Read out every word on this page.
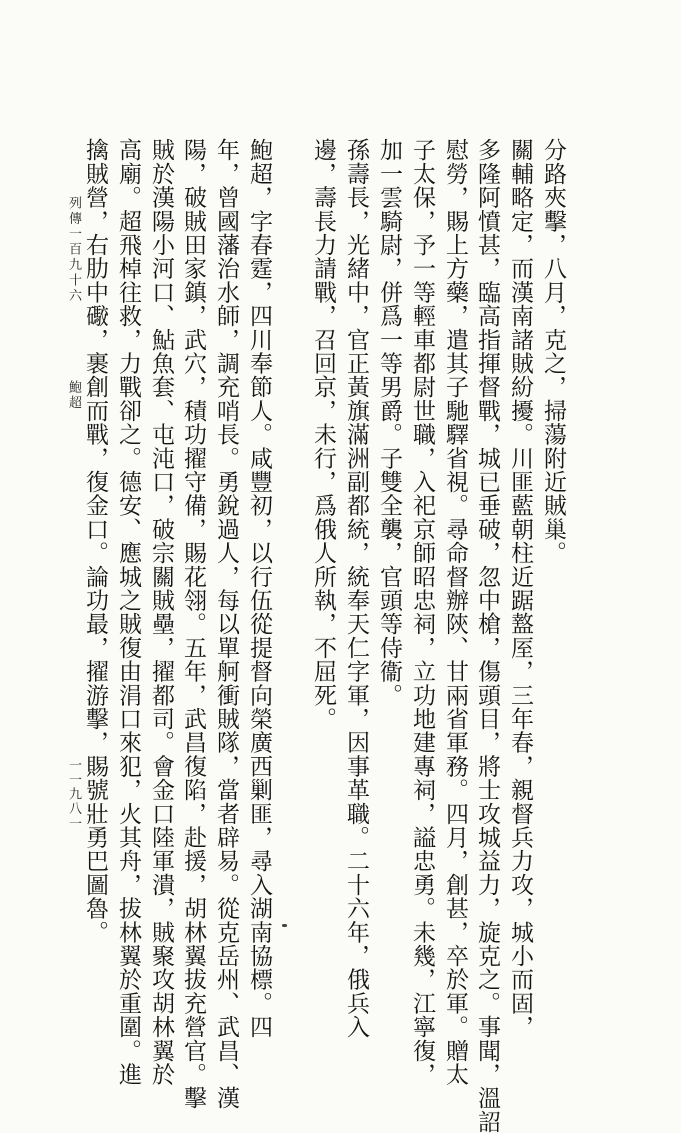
分路夾擊，八月，克之，掃蕩附近賊巢。
關輔略定，而漢南諸賊紛擾。川匪藍朝柱近踞盩厔，三年春，親督兵力攻，城小而固，
多隆阿憤甚，臨高指揮督戰，城已垂破，忽中槍，傷頭目，將士攻城益力，旋克之。事聞，溫詔
慰勞，賜上方藥，遣其子馳驛省視。尋命督辦陝、甘兩省軍務。四月，創甚，卒於軍。贈太
子太保，予一等輕車都尉世職，入祀京師昭忠祠，立功地建專祠，謚忠勇。未幾，江寧復，
加一雲騎尉，併爲一等男爵。子雙全襲，官頭等侍衞。
孫壽長，光緒中，官正黃旗滿洲副都統，統奉天仁字軍，因事革職。二十六年，俄兵入
邊，壽長力請戰，召回京，未行，爲俄人所執，不屈死。
鮑超，字春霆，四川奉節人。咸豐初，以行伍從提督向榮廣西剿匪，尋入湖南協標。四
年，曾國藩治水師，調充哨長。勇銳過人，每以單舸衝賊隊，當者辟易。從克岳州、武昌、漢
陽，破賊田家鎮，武穴，積功擢守備，賜花翎。五年，武昌復陷，赴援，胡林翼拔充營官。擊
賊於漢陽小河口、鮎魚套、屯沌口，破宗關賊壘，擢都司。會金口陸軍潰，賊聚攻胡林翼於
高廟。超飛棹往救，力戰卻之。德安、應城之賊復由涓口來犯，火其舟，拔林翼於重圍。進
擒賊營，右肋中礮，裹創而戰，復金口。論功最，擢游擊，賜號壯勇巴圖魯。
列傳一百九十六
鮑超
一一九八一
